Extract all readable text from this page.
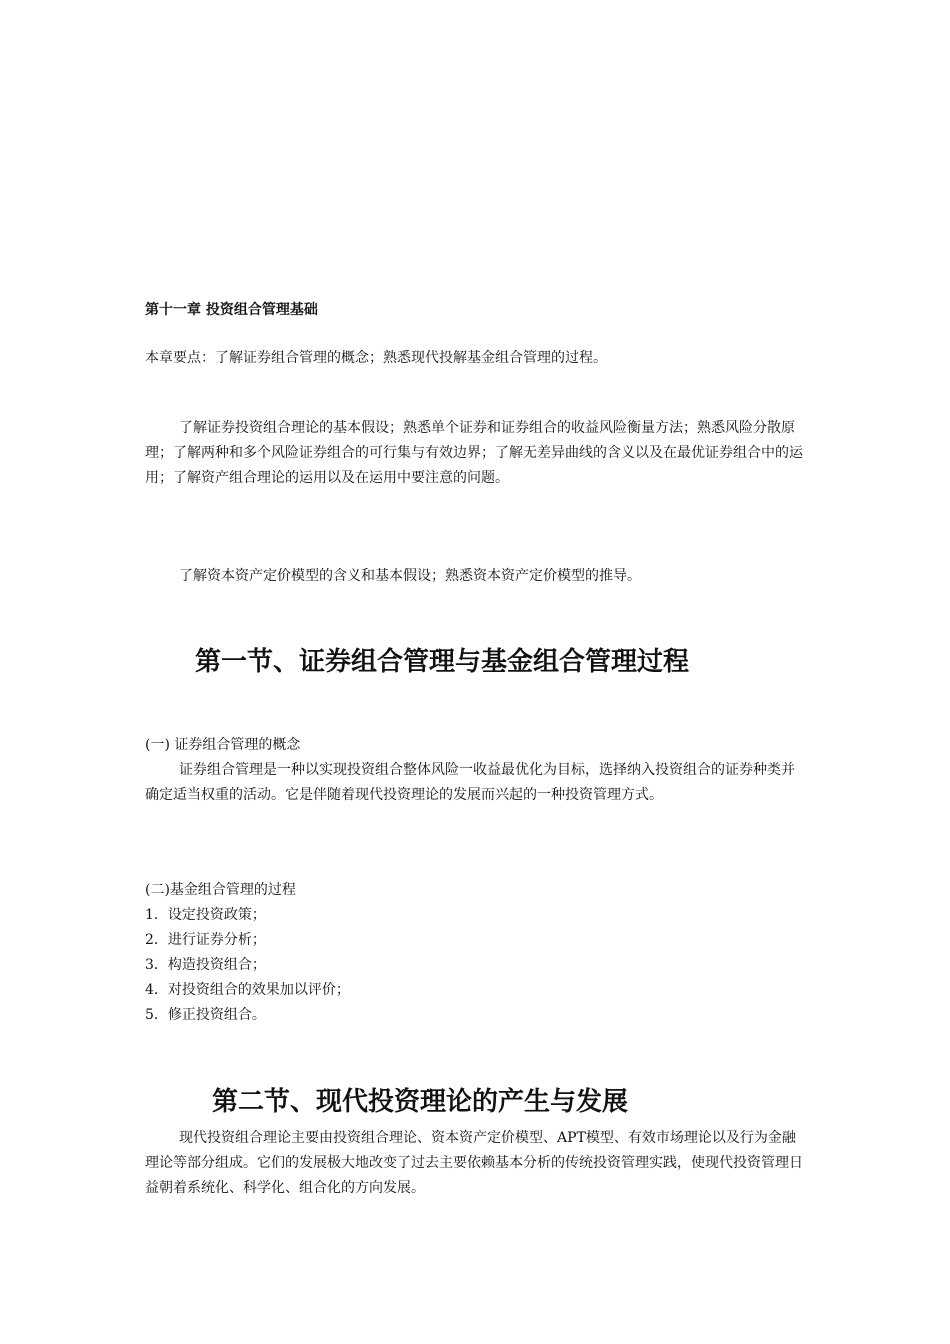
第十一章 投资组合管理基础

本章要点：了解证券组合管理的概念；熟悉现代投解基金组合管理的过程。

了解证券投资组合理论的基本假设；熟悉单个证券和证券组合的收益风险衡量方法；熟悉风险分散原理；了解两种和多个风险证券组合的可行集与有效边界；了解无差异曲线的含义以及在最优证券组合中的运用；了解资产组合理论的运用以及在运用中要注意的问题。

了解资本资产定价模型的含义和基本假设；熟悉资本资产定价模型的推导。

第一节、证券组合管理与基金组合管理过程

(一) 证券组合管理的概念

证券组合管理是一种以实现投资组合整体风险一收益最优化为目标，选择纳入投资组合的证券种类并确定适当权重的活动。它是伴随着现代投资理论的发展而兴起的一种投资管理方式。

(二)基金组合管理的过程

1．设定投资政策；
2．进行证券分析；
3．构造投资组合；
4．对投资组合的效果加以评价；
5．修正投资组合。
第二节、现代投资理论的产生与发展

现代投资组合理论主要由投资组合理论、资本资产定价模型、APT模型、有效市场理论以及行为金融理论等部分组成。它们的发展极大地改变了过去主要依赖基本分析的传统投资管理实践，使现代投资管理日益朝着系统化、科学化、组合化的方向发展。
